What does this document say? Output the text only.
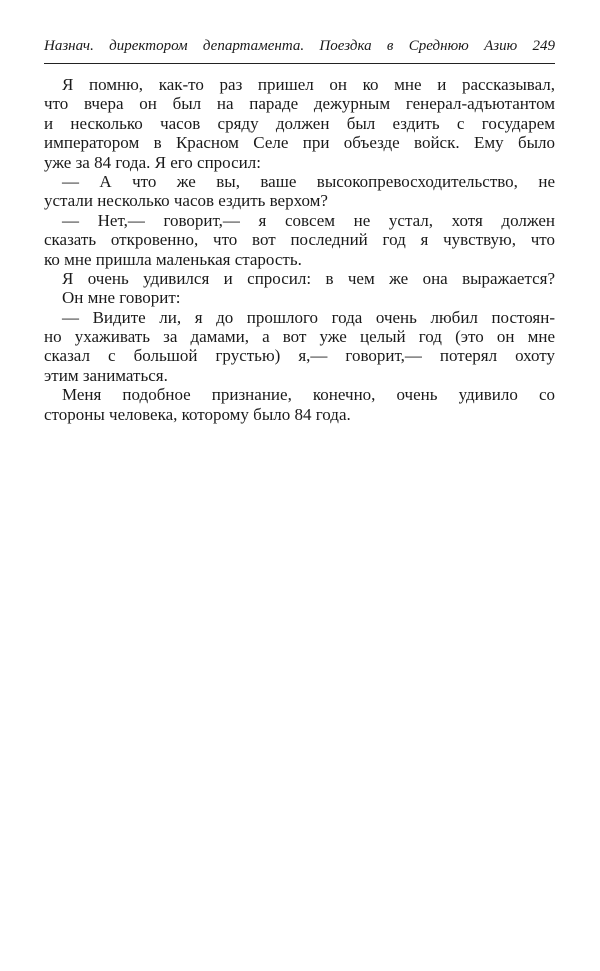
Назнач. директором департамента. Поездка в Среднюю Азию 249
Я помню, как-то раз пришел он ко мне и рассказывал,
что вчера он был на параде дежурным генерал-адъютантом
и несколько часов сряду должен был ездить с государем
императором в Красном Селе при объезде войск. Ему было
уже за 84 года. Я его спросил:
— А что же вы, ваше высокопревосходительство, не
устали несколько часов ездить верхом?
— Нет,— говорит,— я совсем не устал, хотя должен
сказать откровенно, что вот последний год я чувствую, что
ко мне пришла маленькая старость.
Я очень удивился и спросил: в чем же она выражается?
Он мне говорит:
— Видите ли, я до прошлого года очень любил постоян-
но ухаживать за дамами, а вот уже целый год (это он мне
сказал с большой грустью) я,— говорит,— потерял охоту
этим заниматься.
Меня подобное признание, конечно, очень удивило со
стороны человека, которому было 84 года.
